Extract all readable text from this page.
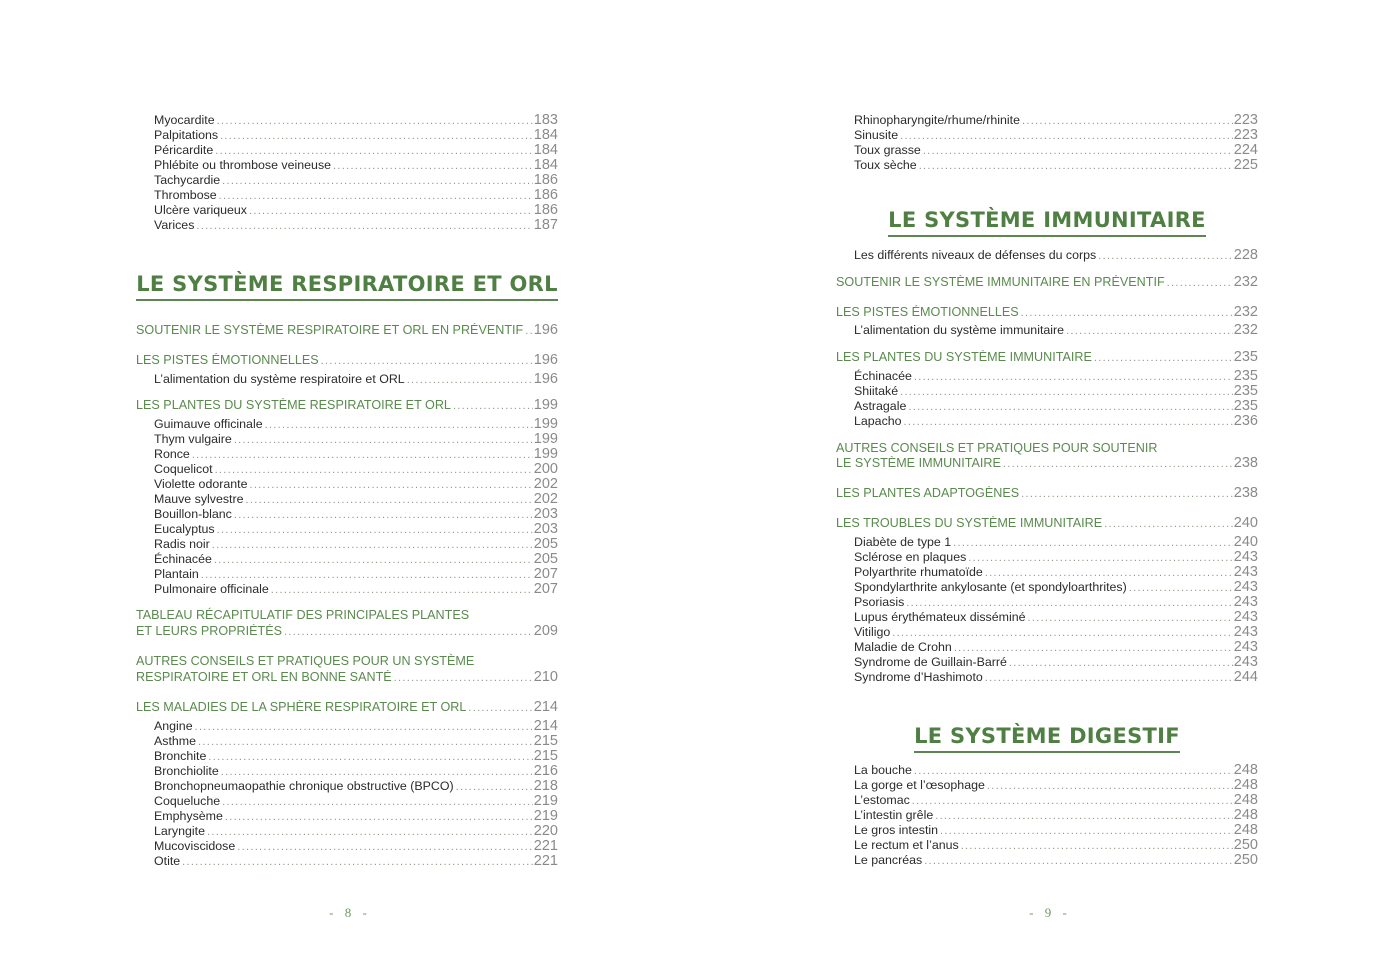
Myocardite .....	183
Palpitations .....	184
Péricardite .....	184
Phlébite ou thrombose veineuse .....	184
Tachycardie .....	186
Thrombose .....	186
Ulcère variqueux .....	186
Varices .....	187
LE SYSTÈME RESPIRATOIRE ET ORL
SOUTENIR LE SYSTÈME RESPIRATOIRE ET ORL EN PRÉVENTIF ..... 196
LES PISTES ÉMOTIONNELLES .....	196
L’alimentation du système respiratoire et ORL .....	196
LES PLANTES DU SYSTÈME RESPIRATOIRE ET ORL .....	199
Guimauve officinale .....	199
Thym vulgaire .....	199
Ronce .....	199
Coquelicot .....	200
Violette odorante .....	202
Mauve sylvestre .....	202
Bouillon-blanc .....	203
Eucalyptus .....	203
Radis noir .....	205
Échinacée .....	205
Plantain .....	207
Pulmonaire officinale .....	207
TABLEAU RÉCAPITULATIF DES PRINCIPALES PLANTES
ET LEURS PROPRIÉTÉS .....	209
AUTRES CONSEILS ET PRATIQUES POUR UN SYSTÈME
RESPIRATOIRE ET ORL EN BONNE SANTÉ .....	210
LES MALADIES DE LA SPHÈRE RESPIRATOIRE ET ORL .....	214
Angine .....	214
Asthme .....	215
Bronchite .....	215
Bronchiolite .....	216
Bronchopneumaopathie chronique obstructive (BPCO) .....	218
Coqueluche .....	219
Emphysème .....	219
Laryngite .....	220
Mucoviscidose .....	221
Otite .....	221
- 8 -
Rhinopharyngite/rhume/rhinite .....	223
Sinusite .....	223
Toux grasse .....	224
Toux sèche .....	225
LE SYSTÈME IMMUNITAIRE
Les différents niveaux de défenses du corps .....	228
SOUTENIR LE SYSTÈME IMMUNITAIRE EN PRÉVENTIF .....	232
LES PISTES ÉMOTIONNELLES .....	232
L’alimentation du système immunitaire .....	232
LES PLANTES DU SYSTÈME IMMUNITAIRE .....	235
Échinacée .....	235
Shiitaké .....	235
Astragale .....	235
Lapacho .....	236
AUTRES CONSEILS ET PRATIQUES POUR SOUTENIR
LE SYSTÈME IMMUNITAIRE .....	238
LES PLANTES ADAPTOGÈNES .....	238
LES TROUBLES DU SYSTÈME IMMUNITAIRE .....	240
Diabète de type 1 .....	240
Sclérose en plaques .....	243
Polyarthrite rhumatoïde .....	243
Spondylarthrite ankylosante (et spondyloarthrites) .....	243
Psoriasis .....	243
Lupus érythémateux disséminé .....	243
Vitiligo .....	243
Maladie de Crohn .....	243
Syndrome de Guillain-Barré .....	243
Syndrome d’Hashimoto .....	244
LE SYSTÈME DIGESTIF
La bouche .....	248
La gorge et l’œsophage .....	248
L’estomac .....	248
L’intestin grêle .....	248
Le gros intestin .....	248
Le rectum et l’anus .....	250
Le pancréas .....	250
- 9 -
